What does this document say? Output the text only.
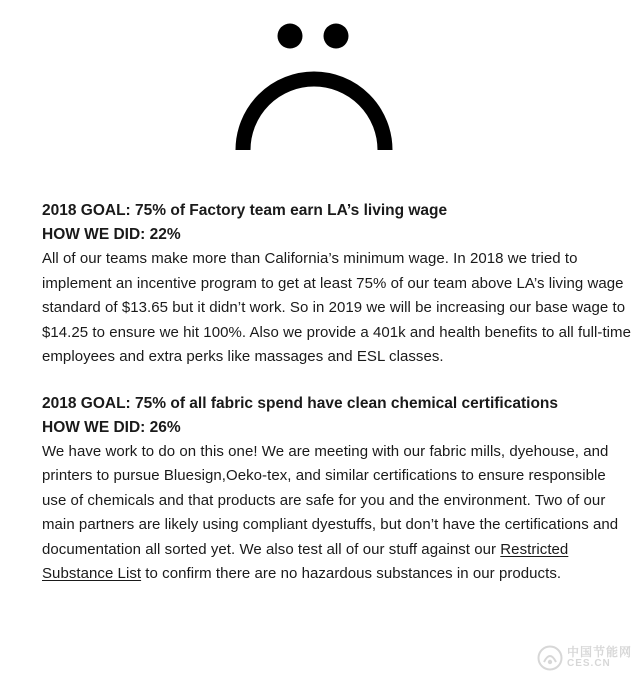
2018 GOAL: 75% of Factory team earn LA’s living wage

HOW WE DID: 22%

All of our teams make more than California’s minimum wage. In 2018 we tried to implement an incentive program to get at least 75% of our team above LA’s living wage standard of $13.65 but it didn’t work. So in 2019 we will be increasing our base wage to $14.25 to ensure we hit 100%. Also we provide a 401k and health benefits to all full-time employees and extra perks like massages and ESL classes.

2018 GOAL: 75% of all fabric spend have clean chemical certifications

HOW WE DID: 26%

We have work to do on this one! We are meeting with our fabric mills, dyehouse, and printers to pursue Bluesign,Oeko-tex, and similar certifications to ensure responsible use of chemicals and that products are safe for you and the environment. Two of our main partners are likely using compliant dyestuffs, but don’t have the certifications and documentation all sorted yet. We also test all of our stuff against our Restricted Substance List to confirm there are no hazardous substances in our products.

中国节能网
CES.CN
